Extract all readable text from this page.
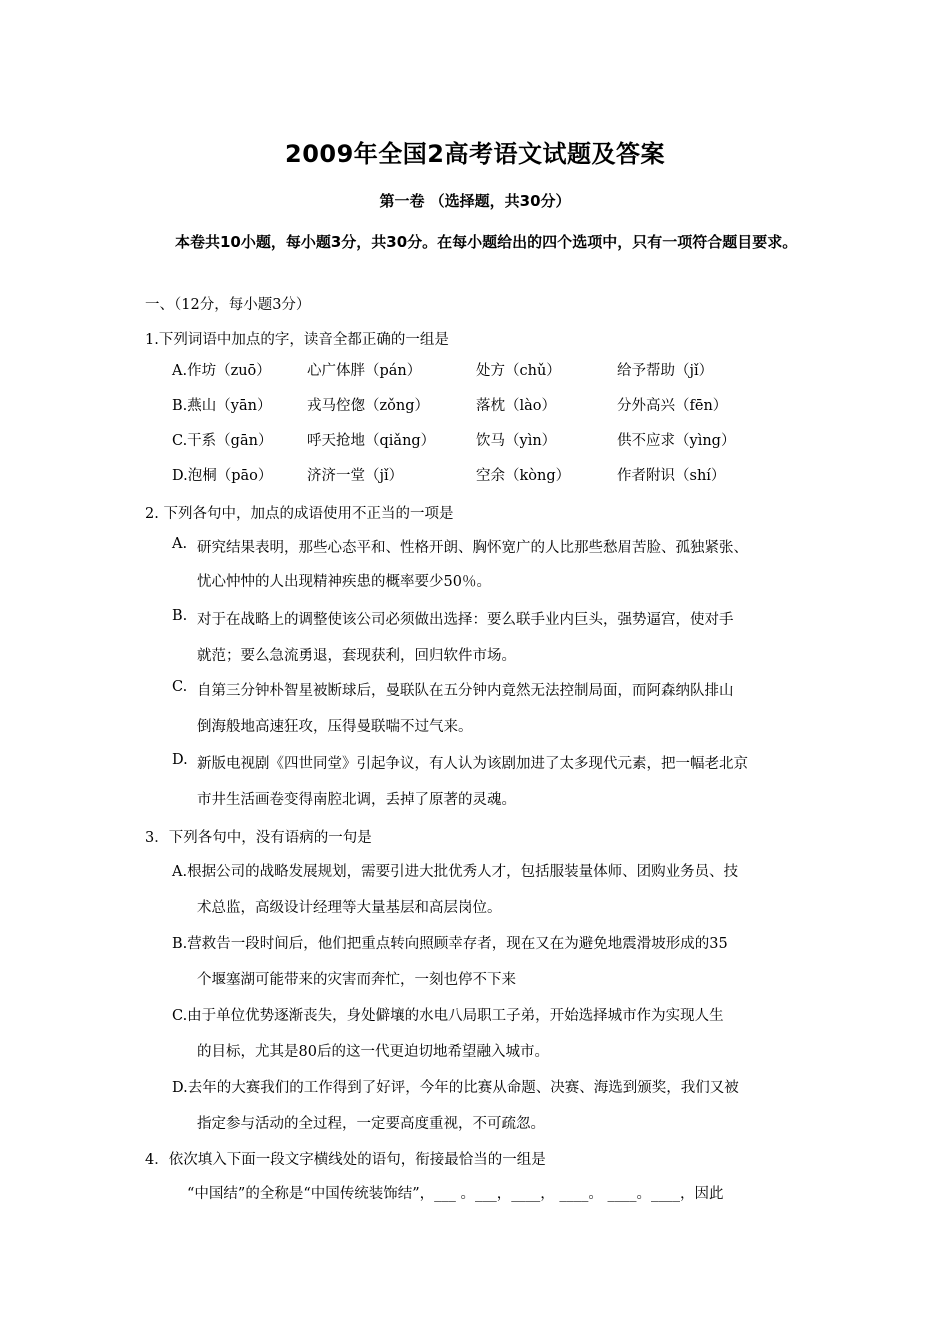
2009年全国2高考语文试题及答案
第一卷 （选择题，共30分）
本卷共10小题，每小题3分，共30分。在每小题给出的四个选项中，只有一项符合题目要求。
一、（12分，每小题3分）
1.下列词语中加点的字，读音全都正确的一组是
A.作坊（zuō） 心广体胖（pán）	处方（chǔ）	给予帮助（jǐ）
B.燕山（yān） 戎马倥偬（zǒng）	落枕（lào）	分外高兴（fēn）
C.干系（gān） 呼天抢地（qiǎng）	饮马（yìn）	供不应求（yìng）
D.泡桐（pāo） 济济一堂（jǐ）	空余（kòng）	作者附识（shí）
2. 下列各句中，加点的成语使用不正当的一项是
A. 研究结果表明，那些心态平和、性格开朗、胸怀宽广的人比那些愁眉苦脸、孤独紧张、
忧心忡忡的人出现精神疾患的概率要少50％。
B. 对于在战略上的调整使该公司必须做出选择：要么联手业内巨头，强势逼宫，使对手
就范；要么急流勇退，套现获利，回归软件市场。
C. 自第三分钟朴智星被断球后，曼联队在五分钟内竟然无法控制局面，而阿森纳队排山
倒海般地高速狂攻，压得曼联喘不过气来。
D. 新版电视剧《四世同堂》引起争议，有人认为该剧加进了太多现代元素，把一幅老北京
市井生活画卷变得南腔北调，丢掉了原著的灵魂。
3．下列各句中，没有语病的一句是
A.根据公司的战略发展规划，需要引进大批优秀人才，包括服装量体师、团购业务员、技
术总监，高级设计经理等大量基层和高层岗位。
B.营救告一段时间后，他们把重点转向照顾幸存者，现在又在为避免地震滑坡形成的35
个堰塞湖可能带来的灾害而奔忙，一刻也停不下来
C.由于单位优势逐渐丧失，身处僻壤的水电八局职工子弟，开始选择城市作为实现人生
的目标，尤其是80后的这一代更迫切地希望融入城市。
D.去年的大赛我们的工作得到了好评，今年的比赛从命题、决赛、海选到颁奖，我们又被
指定参与活动的全过程，一定要高度重视，不可疏忽。
4．依次填入下面一段文字横线处的语句，衔接最恰当的一组是
“中国结”的全称是“中国传统装饰结”，___ 。___，____， ____。 ____。____，因此
